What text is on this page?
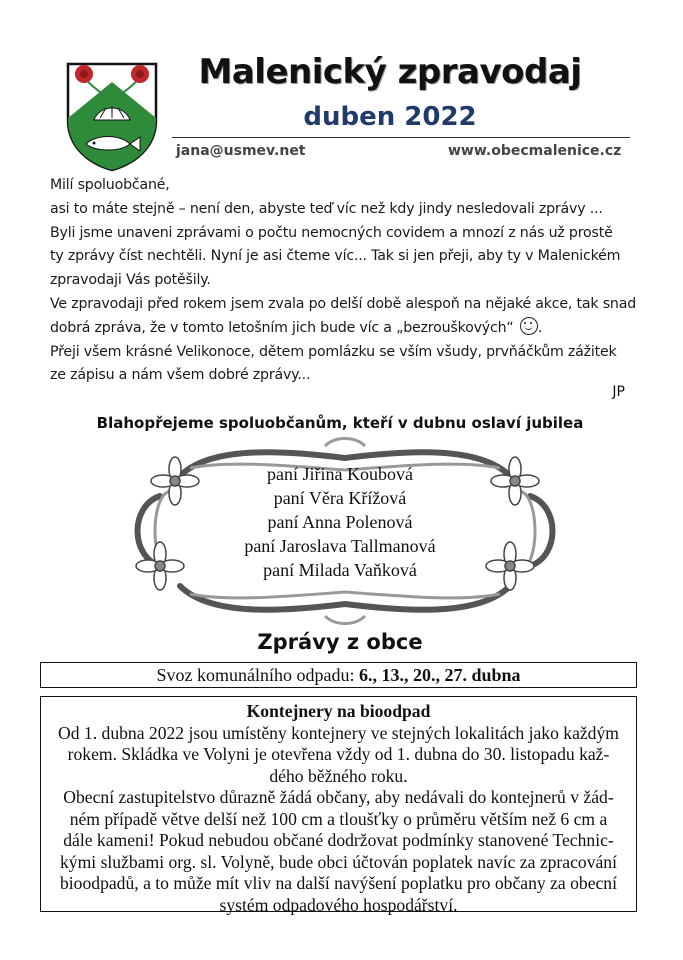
Malenický zpravodaj
duben 2022
jana@usmev.net	www.obecmalenice.cz

Milí spoluobčané,

asi to máte stejně – není den, abyste teď víc než kdy jindy nesledovali zprávy ...

Byli jsme unaveni zprávami o počtu nemocných covidem a mnozí z nás už prostě

ty zprávy číst nechtěli. Nyní je asi čteme víc... Tak si jen přeji, aby ty v Malenickém

zpravodaji Vás potěšily.

Ve zpravodaji před rokem jsem zvala po delší době alespoň na nějaké akce, tak snad

dobrá zpráva, že v tomto letošním jich bude víc a „bezrouškových“ .

Přeji všem krásné Velikonoce, dětem pomlázku se vším všudy, prvňáčkům zážitek

ze zápisu a nám všem dobré zprávy...

JP
Blahopřejeme spoluobčanům, kteří v dubnu oslaví jubilea
paní Jiřina Koubová
paní Věra Křížová
paní Anna Polenová
paní Jaroslava Tallmanová
paní Milada Vaňková
Zprávy z obce
Svoz komunálního odpadu: 6., 13., 20., 27. dubna
Kontejnery na bioodpad
Od 1. dubna 2022 jsou umístěny kontejnery ve stejných lokalitách jako každým
rokem. Skládka ve Volyni je otevřena vždy od 1. dubna do 30. listopadu kaž-
dého běžného roku.
Obecní zastupitelstvo důrazně žádá občany, aby nedávali do kontejnerů v žád-
ném případě větve delší než 100 cm a tloušťky o průměru větším než 6 cm a
dále kameni! Pokud nebudou občané dodržovat podmínky stanovené Technic-
kými službami org. sl. Volyně, bude obci účtován poplatek navíc za zpracování
bioodpadů, a to může mít vliv na další navýšení poplatku pro občany za obecní
systém odpadového hospodářství.
